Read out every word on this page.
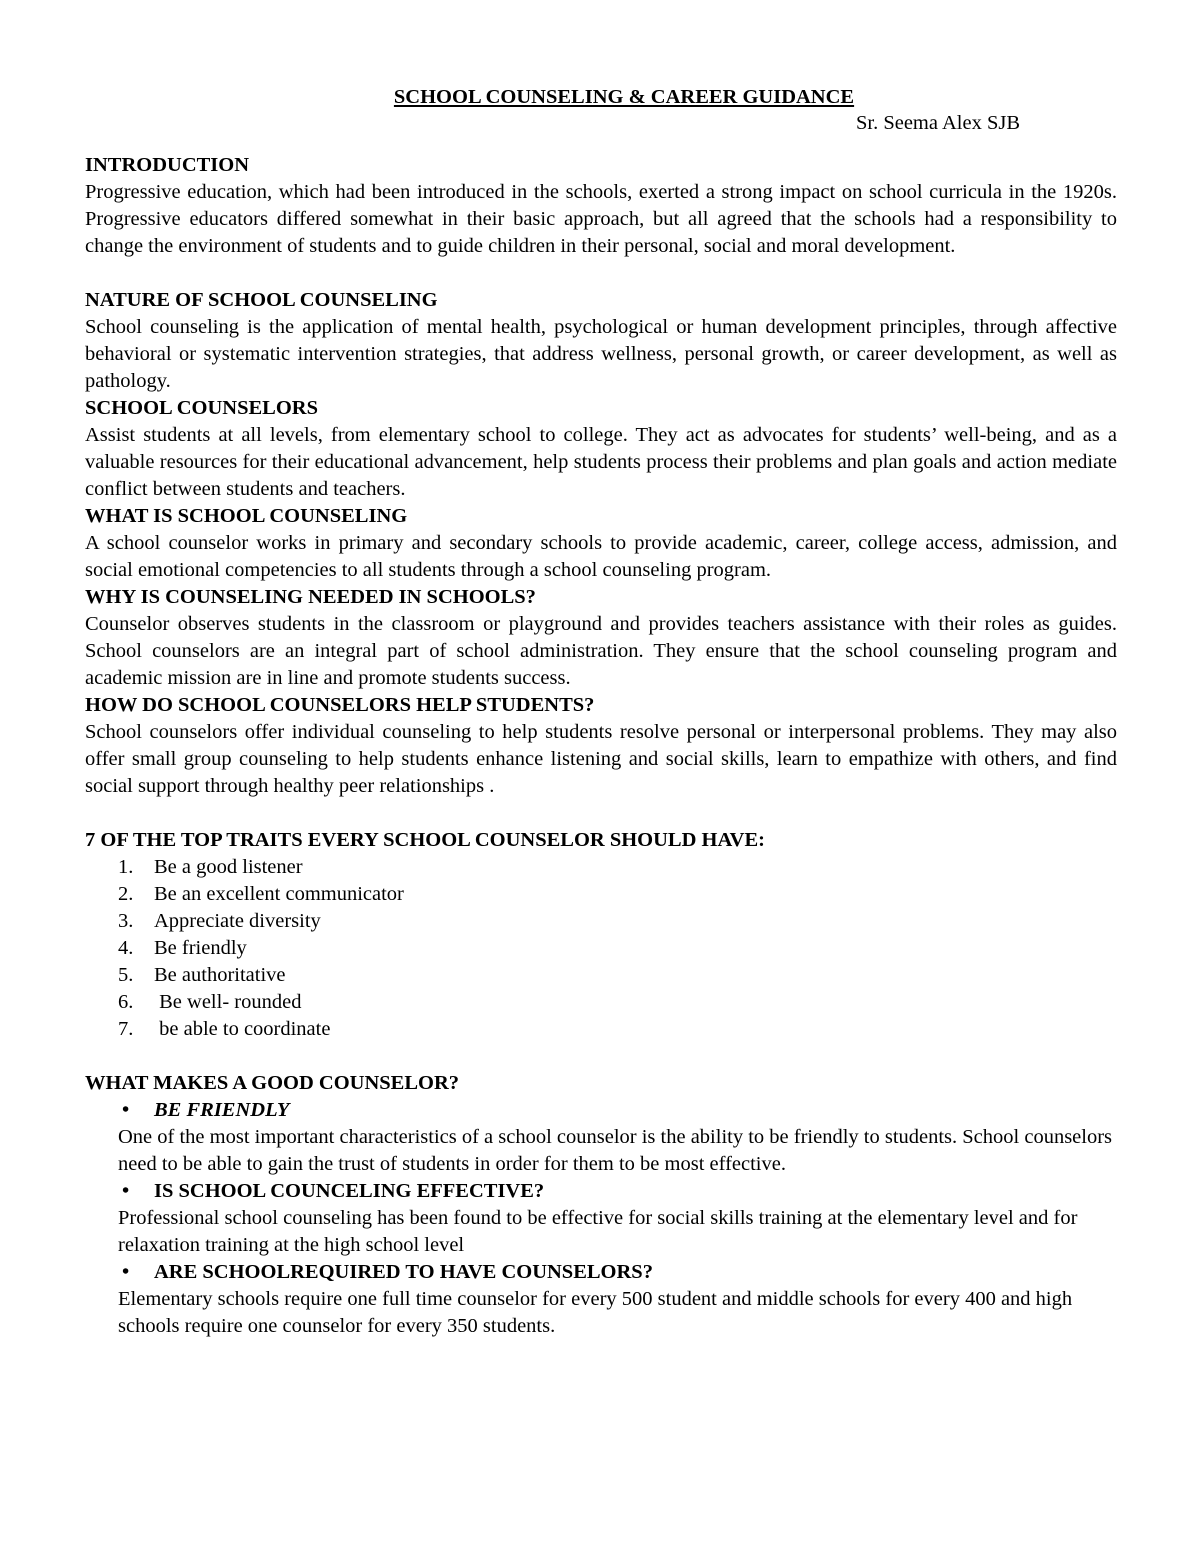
SCHOOL COUNSELING & CAREER GUIDANCE

Sr. Seema Alex SJB

INTRODUCTION

Progressive education, which had been introduced in the schools, exerted a strong impact on school curricula in the 1920s. Progressive educators differed somewhat in their basic approach, but all agreed that the schools had a responsibility to change the environment of students and to guide children in their personal, social and moral development.

NATURE OF SCHOOL COUNSELING

School counseling is the application of mental health, psychological or human development principles, through affective behavioral or systematic intervention strategies, that address wellness, personal growth, or career development, as well as pathology.

SCHOOL COUNSELORS

Assist students at all levels, from elementary school to college. They act as advocates for students’ well-being, and as a valuable resources for their educational advancement, help students process their problems and plan goals and action mediate conflict between students and teachers.

WHAT IS SCHOOL COUNSELING

A school counselor works in primary and secondary schools to provide academic, career, college access, admission, and social emotional competencies to all students through a school counseling program.

WHY IS COUNSELING NEEDED IN SCHOOLS?

Counselor observes students in the classroom or playground and provides teachers assistance with their roles as guides. School counselors are an integral part of school administration. They ensure that the school counseling program and academic mission are in line and promote students success.

HOW DO SCHOOL COUNSELORS HELP STUDENTS?

School counselors offer individual counseling to help students resolve personal or interpersonal problems. They may also offer small group counseling to help students enhance listening and social skills, learn to empathize with others, and find social support through healthy peer relationships .

7 OF THE TOP TRAITS EVERY SCHOOL COUNSELOR SHOULD HAVE:

1. Be a good listener
2. Be an excellent communicator
3. Appreciate diversity
4. Be friendly
5. Be authoritative
6. Be well- rounded
7. be able to coordinate

WHAT MAKES A GOOD COUNSELOR?

• BE FRIENDLY

One of the most important characteristics of a school counselor is the ability to be friendly to students. School counselors need to be able to gain the trust of students in order for them to be most effective.

• IS SCHOOL COUNCELING EFFECTIVE?

Professional school counseling has been found to be effective for social skills training at the elementary level and for relaxation training at the high school level

• ARE SCHOOLREQUIRED TO HAVE COUNSELORS?

Elementary schools require one full time counselor for every 500 student and middle schools for every 400 and high schools require one counselor for every 350 students.
